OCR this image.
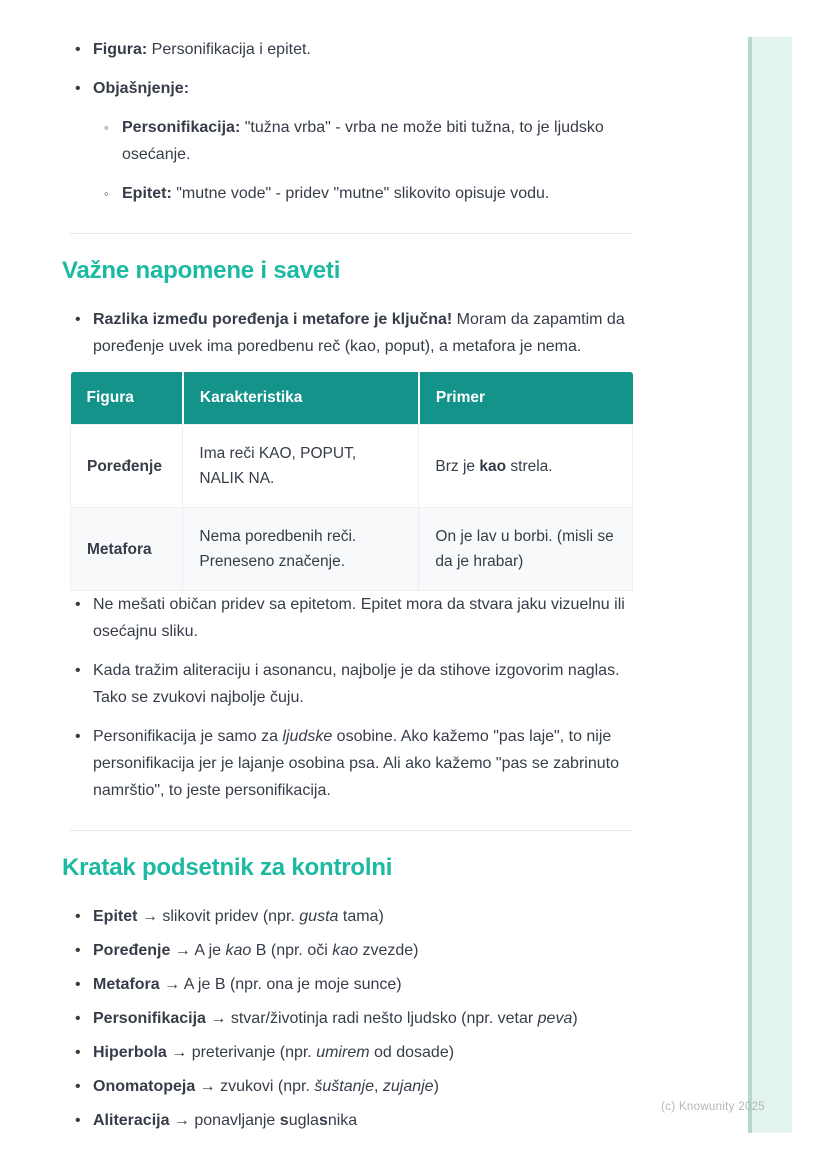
• Figura: Personifikacija i epitet.
• Objašnjenje:
◦ Personifikacija: "tužna vrba" - vrba ne može biti tužna, to je ljudsko osećanje.
◦ Epitet: "mutne vode" - pridev "mutne" slikovito opisuje vodu.
Važne napomene i saveti
• Razlika između poređenja i metafore je ključna! Moram da zapamtim da poređenje uvek ima poredbenu reč (kao, poput), a metafora je nema.
Figura	Karakteristika	Primer
Poređenje	Ima reči KAO, POPUT, NALIK NA.	Brz je kao strela.
Metafora	Nema poredbenih reči. Preneseno značenje.	On je lav u borbi. (misli se da je hrabar)
• Ne mešati običan pridev sa epitetom. Epitet mora da stvara jaku vizuelnu ili osećajnu sliku.
• Kada tražim aliteraciju i asonancu, najbolje je da stihove izgovorim naglas. Tako se zvukovi najbolje čuju.
• Personifikacija je samo za ljudske osobine. Ako kažemo "pas laje", to nije personifikacija jer je lajanje osobina psa. Ali ako kažemo "pas se zabrinuto namrštio", to jeste personifikacija.
Kratak podsetnik za kontrolni
• Epitet → slikovit pridev (npr. gusta tama)
• Poređenje → A je kao B (npr. oči kao zvezde)
• Metafora → A je B (npr. ona je moje sunce)
• Personifikacija → stvar/životinja radi nešto ljudsko (npr. vetar peva)
• Hiperbola → preterivanje (npr. umirem od dosade)
• Onomatopeja → zvukovi (npr. šuštanje, zujanje)
• Aliteracija → ponavljanje suglasnika
(c) Knowunity 2025
